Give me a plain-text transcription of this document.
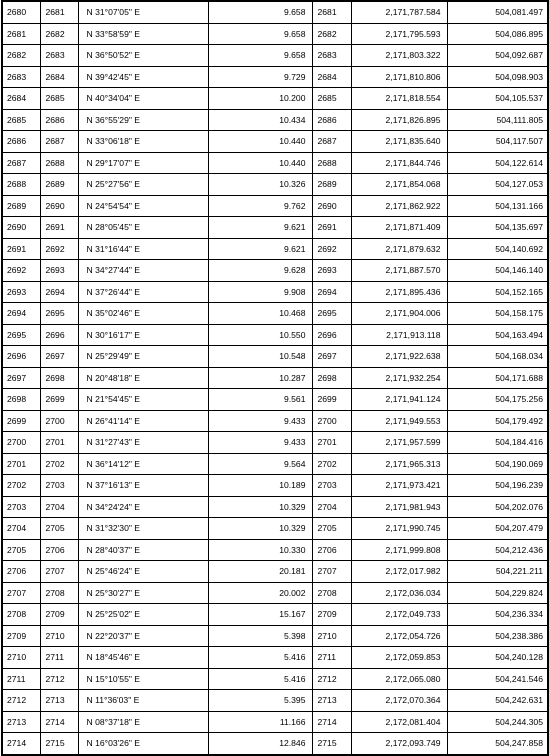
2680	2681	N 31°07'05" E	9.658	2681	2,171,787.584	504,081.497
2681	2682	N 33°58'59" E	9.658	2682	2,171,795.593	504,086.895
2682	2683	N 36°50'52" E	9.658	2683	2,171,803.322	504,092.687
2683	2684	N 39°42'45" E	9.729	2684	2,171,810.806	504,098.903
2684	2685	N 40°34'04" E	10.200	2685	2,171,818.554	504,105.537
2685	2686	N 36°55'29" E	10.434	2686	2,171,826.895	504,111.805
2686	2687	N 33°06'18" E	10.440	2687	2,171,835.640	504,117.507
2687	2688	N 29°17'07" E	10.440	2688	2,171,844.746	504,122.614
2688	2689	N 25°27'56" E	10.326	2689	2,171,854.068	504,127.053
2689	2690	N 24°54'54" E	9.762	2690	2,171,862.922	504,131.166
2690	2691	N 28°05'45" E	9.621	2691	2,171,871.409	504,135.697
2691	2692	N 31°16'44" E	9.621	2692	2,171,879.632	504,140.692
2692	2693	N 34°27'44" E	9.628	2693	2,171,887.570	504,146.140
2693	2694	N 37°26'44" E	9.908	2694	2,171,895.436	504,152.165
2694	2695	N 35°02'46" E	10.468	2695	2,171,904.006	504,158.175
2695	2696	N 30°16'17" E	10.550	2696	2,171,913.118	504,163.494
2696	2697	N 25°29'49" E	10.548	2697	2,171,922.638	504,168.034
2697	2698	N 20°48'18" E	10.287	2698	2,171,932.254	504,171.688
2698	2699	N 21°54'45" E	9.561	2699	2,171,941.124	504,175.256
2699	2700	N 26°41'14" E	9.433	2700	2,171,949.553	504,179.492
2700	2701	N 31°27'43" E	9.433	2701	2,171,957.599	504,184.416
2701	2702	N 36°14'12" E	9.564	2702	2,171,965.313	504,190.069
2702	2703	N 37°16'13" E	10.189	2703	2,171,973.421	504,196.239
2703	2704	N 34°24'24" E	10.329	2704	2,171,981.943	504,202.076
2704	2705	N 31°32'30" E	10.329	2705	2,171,990.745	504,207.479
2705	2706	N 28°40'37" E	10.330	2706	2,171,999.808	504,212.436
2706	2707	N 25°46'24" E	20.181	2707	2,172,017.982	504,221.211
2707	2708	N 25°30'27" E	20.002	2708	2,172,036.034	504,229.824
2708	2709	N 25°25'02" E	15.167	2709	2,172,049.733	504,236.334
2709	2710	N 22°20'37" E	5.398	2710	2,172,054.726	504,238.386
2710	2711	N 18°45'46" E	5.416	2711	2,172,059.853	504,240.128
2711	2712	N 15°10'55" E	5.416	2712	2,172,065.080	504,241.546
2712	2713	N 11°36'03" E	5.395	2713	2,172,070.364	504,242.631
2713	2714	N 08°37'18" E	11.166	2714	2,172,081.404	504,244.305
2714	2715	N 16°03'26" E	12.846	2715	2,172,093.749	504,247.858
